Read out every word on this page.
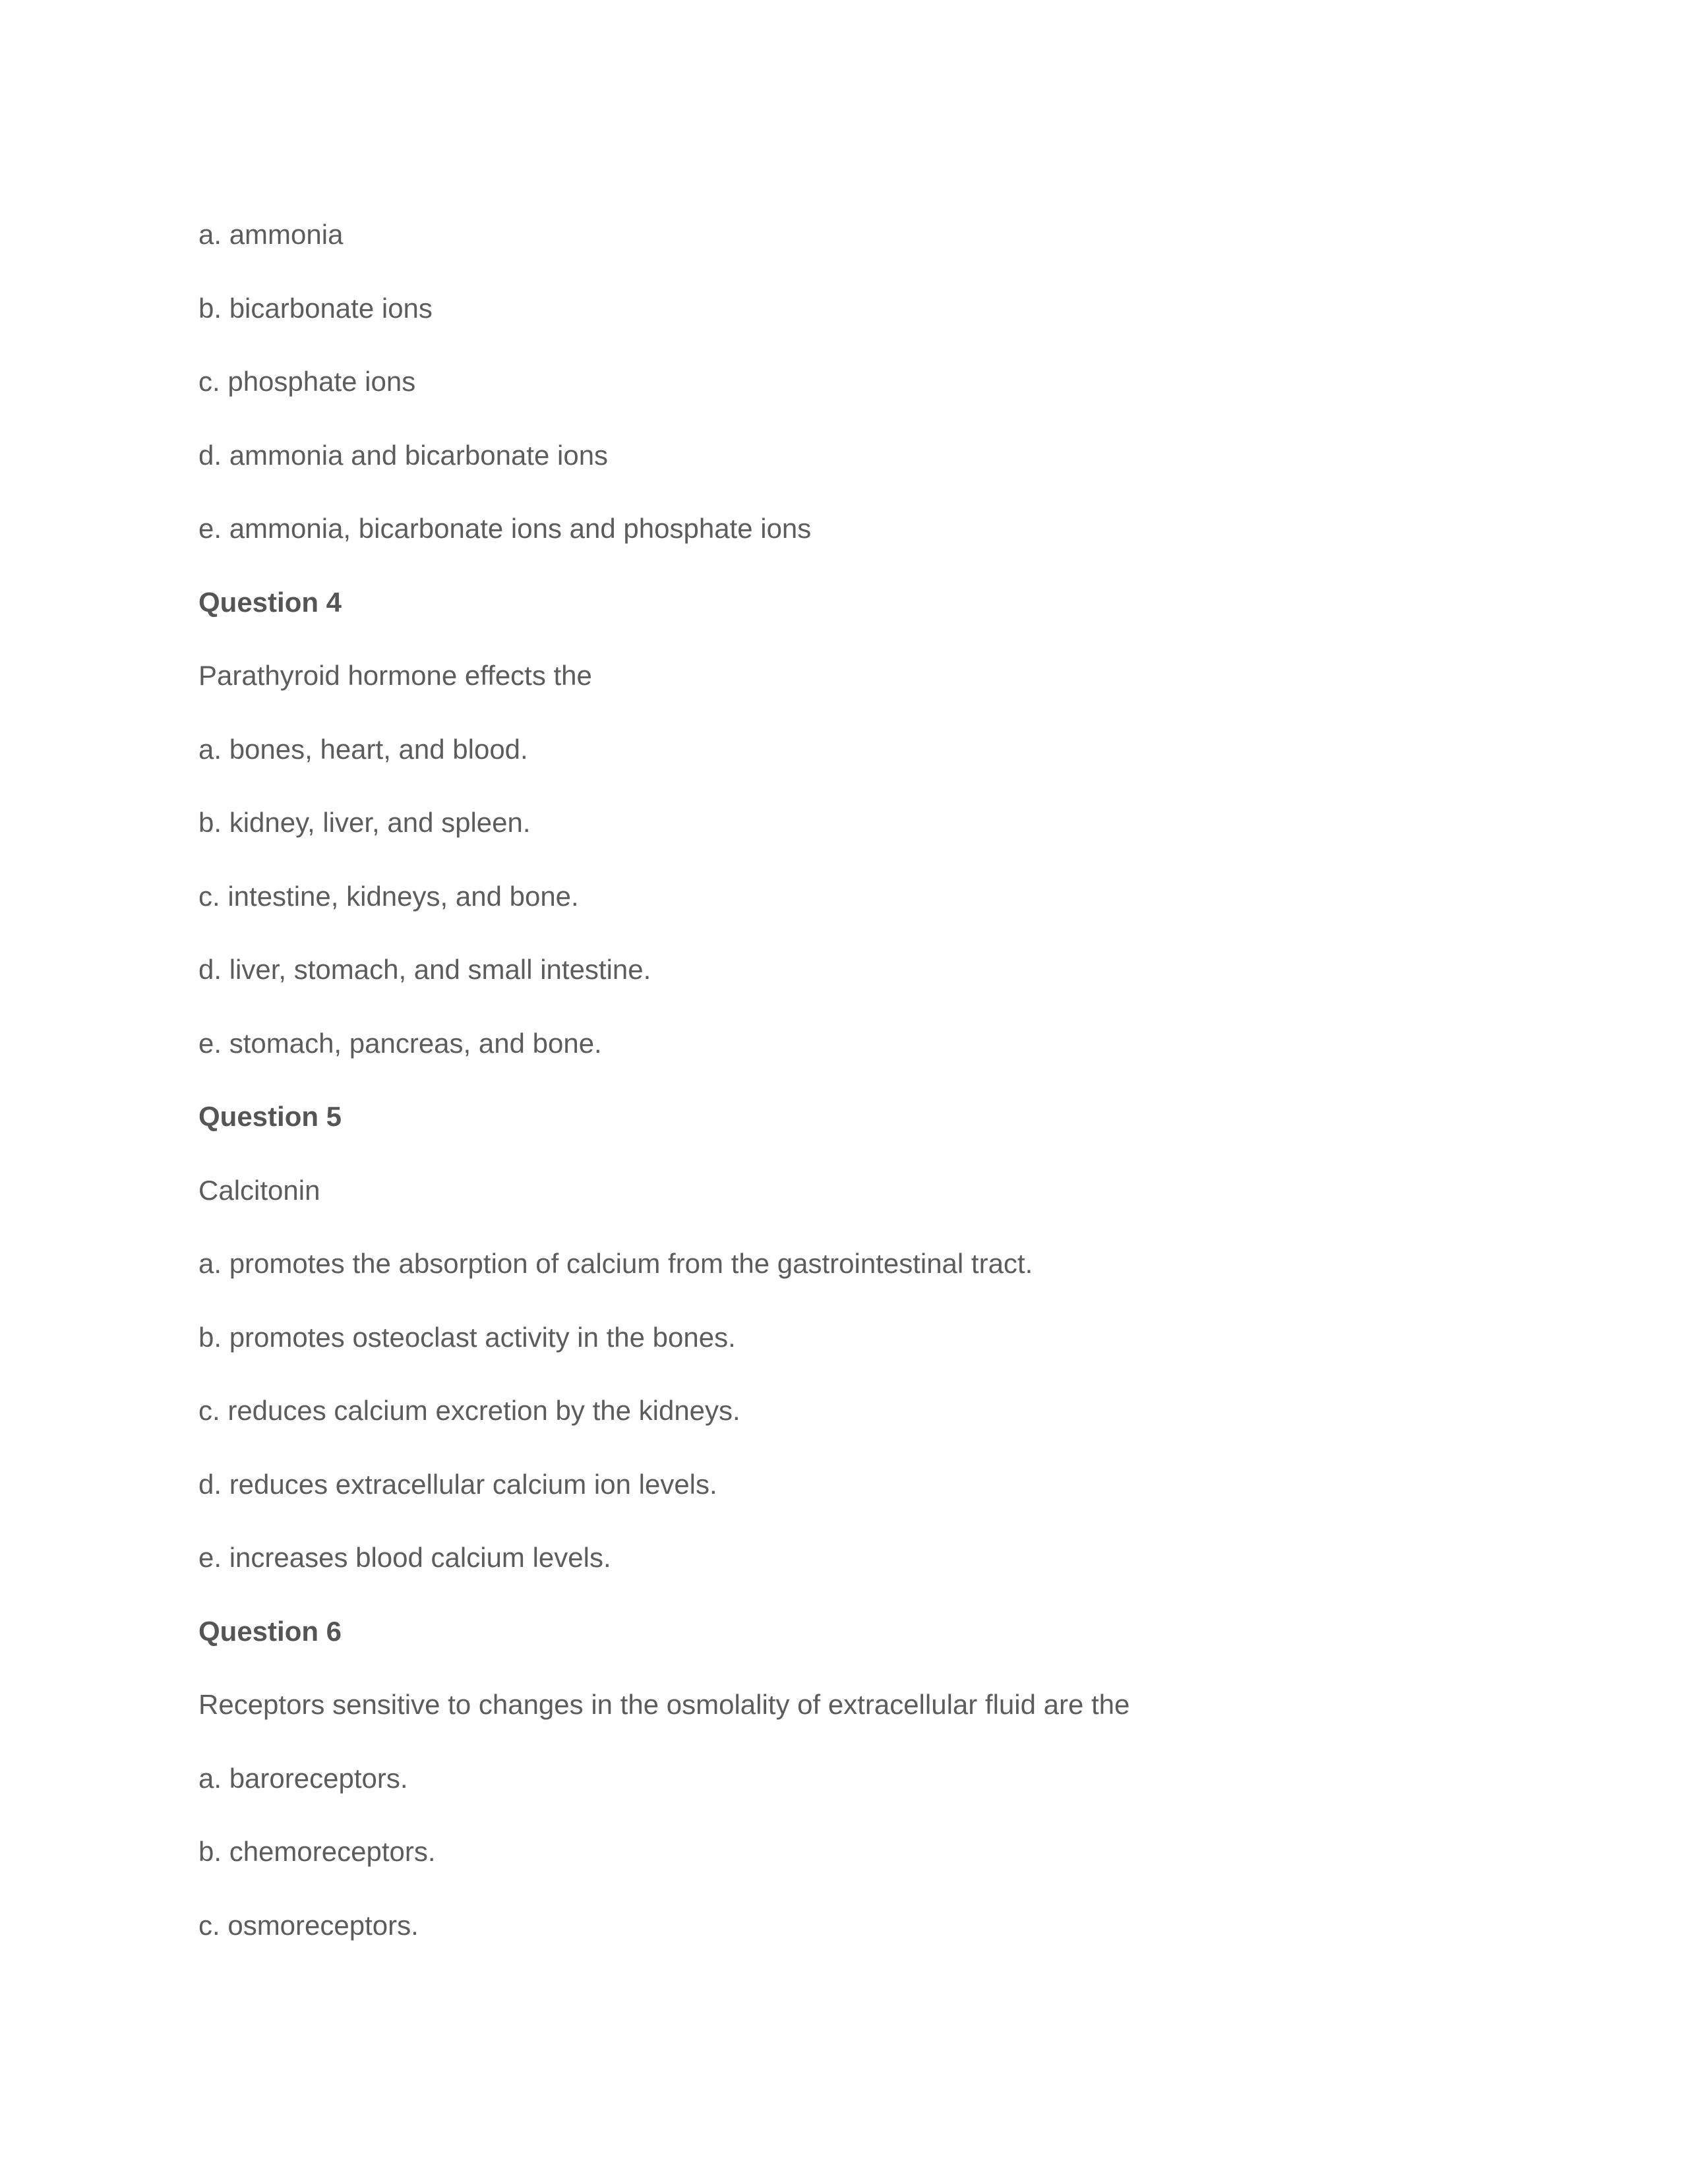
a. ammonia
b. bicarbonate ions
c. phosphate ions
d. ammonia and bicarbonate ions
e. ammonia, bicarbonate ions and phosphate ions
Question 4
Parathyroid hormone effects the
a. bones, heart, and blood.
b. kidney, liver, and spleen.
c. intestine, kidneys, and bone.
d. liver, stomach, and small intestine.
e. stomach, pancreas, and bone.
Question 5
Calcitonin
a. promotes the absorption of calcium from the gastrointestinal tract.
b. promotes osteoclast activity in the bones.
c. reduces calcium excretion by the kidneys.
d. reduces extracellular calcium ion levels.
e. increases blood calcium levels.
Question 6
Receptors sensitive to changes in the osmolality of extracellular fluid are the
a. baroreceptors.
b. chemoreceptors.
c. osmoreceptors.
